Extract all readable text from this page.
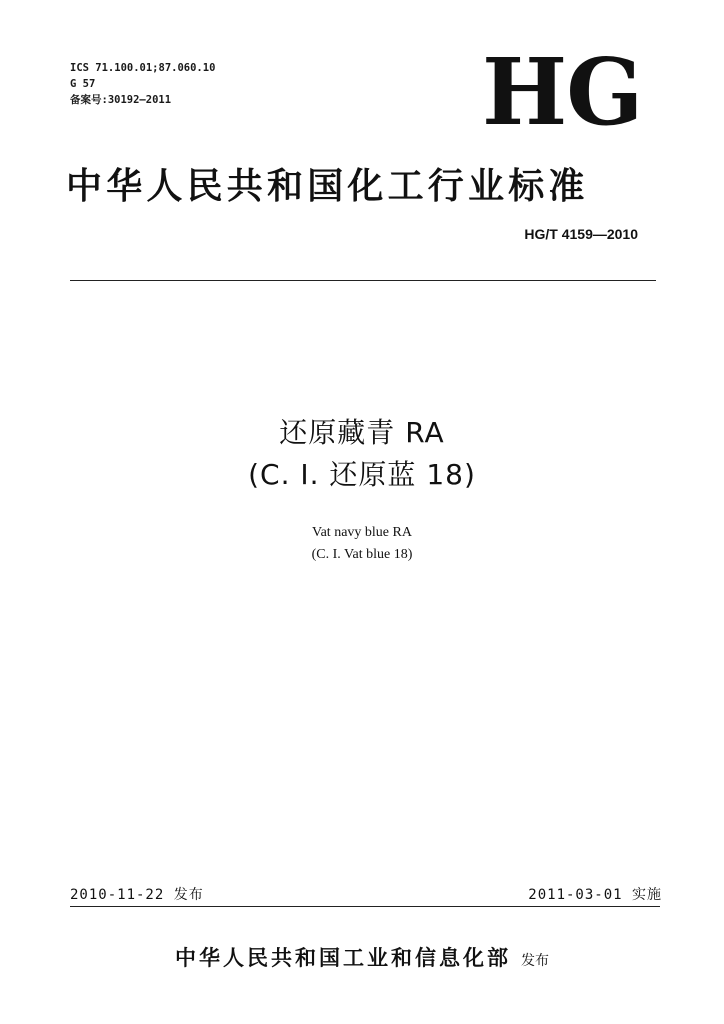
ICS 71.100.01;87.060.10
G 57
备案号:30192—2011	HG
中华人民共和国化工行业标准
HG/T 4159—2010
还原藏青 RA
(C. I. 还原蓝 18)
Vat navy blue RA
(C. I. Vat blue 18)
2010-11-22 发布	2011-03-01 实施
中华人民共和国工业和信息化部 发布
